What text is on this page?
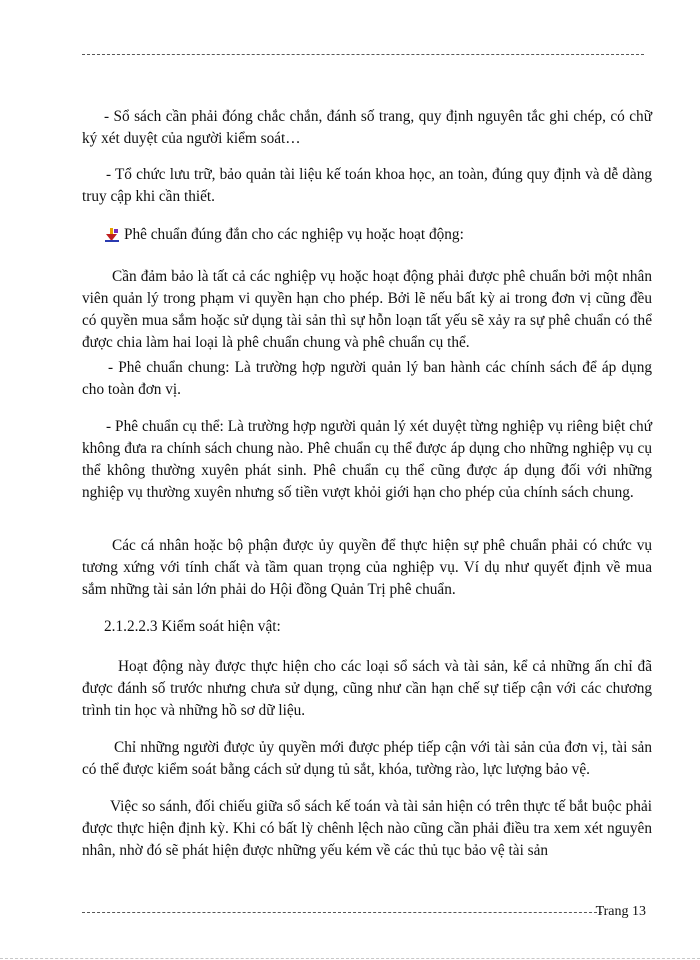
- Sổ sách cần phải đóng chắc chắn, đánh số trang, quy định nguyên tắc ghi chép, có chữ ký xét duyệt của người kiểm soát…

- Tổ chức lưu trữ, bảo quản tài liệu kế toán khoa học, an toàn, đúng quy định và dễ dàng truy cập khi cần thiết.

Phê chuẩn đúng đắn cho các nghiệp vụ hoặc hoạt động:

Cần đảm bảo là tất cả các nghiệp vụ hoặc hoạt động phải được phê chuẩn bởi một nhân viên quản lý trong phạm vi quyền hạn cho phép. Bởi lẽ nếu bất kỳ ai trong đơn vị cũng đều có quyền mua sắm hoặc sử dụng tài sản thì sự hỗn loạn tất yếu sẽ xảy ra sự phê chuẩn có thể được chia làm hai loại là phê chuẩn chung và phê chuẩn cụ thể.

- Phê chuẩn chung: Là trường hợp người quản lý ban hành các chính sách để áp dụng cho toàn đơn vị.

- Phê chuẩn cụ thể: Là trường hợp người quản lý xét duyệt từng nghiệp vụ riêng biệt chứ không đưa ra chính sách chung nào. Phê chuẩn cụ thể được áp dụng cho những nghiệp vụ cụ thể không thường xuyên phát sinh. Phê chuẩn cụ thể cũng được áp dụng đối với những nghiệp vụ thường xuyên nhưng số tiền vượt khỏi giới hạn cho phép của chính sách chung.

Các cá nhân hoặc bộ phận được ủy quyền để thực hiện sự phê chuẩn phải có chức vụ tương xứng với tính chất và tầm quan trọng của nghiệp vụ. Ví dụ như quyết định về mua sắm những tài sản lớn phải do Hội đồng Quản Trị phê chuẩn.

2.1.2.2.3 Kiểm soát hiện vật:

Hoạt động này được thực hiện cho các loại sổ sách và tài sản, kể cả những ấn chỉ đã được đánh số trước nhưng chưa sử dụng, cũng như cần hạn chế sự tiếp cận với các chương trình tin học và những hồ sơ dữ liệu.

Chỉ những người được ủy quyền mới được phép tiếp cận với tài sản của đơn vị, tài sản có thể được kiểm soát bằng cách sử dụng tủ sắt, khóa, tường rào, lực lượng bảo vệ.

Việc so sánh, đối chiếu giữa sổ sách kế toán và tài sản hiện có trên thực tế bắt buộc phải được thực hiện định kỳ. Khi có bất lỳ chênh lệch nào cũng cần phải điều tra xem xét nguyên nhân, nhờ đó sẽ phát hiện được những yếu kém về các thủ tục bảo vệ tài sản

Trang 13
